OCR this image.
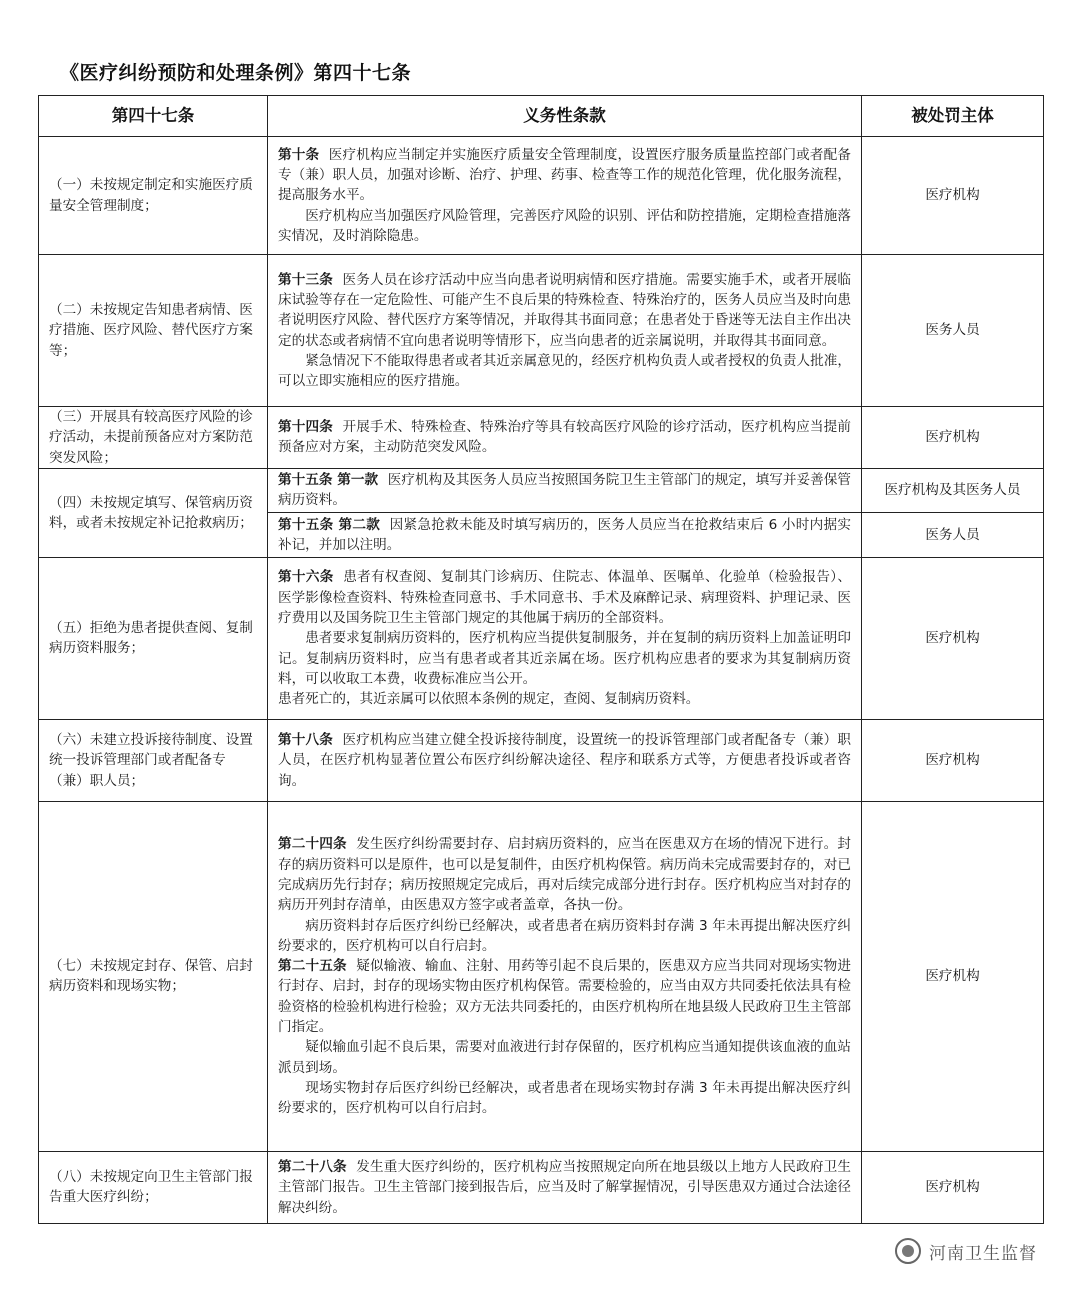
《医疗纠纷预防和处理条例》第四十七条
第四十七条	义务性条款	被处罚主体
（一）未按规定制定和实施医疗质量安全管理制度；	第十条 医疗机构应当制定并实施医疗质量安全管理制度，设置医疗服务质量监控部门或者配备专（兼）职人员，加强对诊断、治疗、护理、药事、检查等工作的规范化管理，优化服务流程，提高服务水平。

医疗机构应当加强医疗风险管理，完善医疗风险的识别、评估和防控措施，定期检查措施落实情况，及时消除隐患。	医疗机构
（二）未按规定告知患者病情、医疗措施、医疗风险、替代医疗方案等；	第十三条 医务人员在诊疗活动中应当向患者说明病情和医疗措施。需要实施手术，或者开展临床试验等存在一定危险性、可能产生不良后果的特殊检查、特殊治疗的，医务人员应当及时向患者说明医疗风险、替代医疗方案等情况，并取得其书面同意；在患者处于昏迷等无法自主作出决定的状态或者病情不宜向患者说明等情形下，应当向患者的近亲属说明，并取得其书面同意。

紧急情况下不能取得患者或者其近亲属意见的，经医疗机构负责人或者授权的负责人批准，可以立即实施相应的医疗措施。	医务人员
（三）开展具有较高医疗风险的诊疗活动，未提前预备应对方案防范突发风险；	第十四条 开展手术、特殊检查、特殊治疗等具有较高医疗风险的诊疗活动，医疗机构应当提前预备应对方案，主动防范突发风险。	医疗机构
（四）未按规定填写、保管病历资料，或者未按规定补记抢救病历；	第十五条 第一款 医疗机构及其医务人员应当按照国务院卫生主管部门的规定，填写并妥善保管病历资料。	医疗机构及其医务人员

	第十五条 第二款 因紧急抢救未能及时填写病历的，医务人员应当在抢救结束后 6 小时内据实补记，并加以注明。	医务人员
（五）拒绝为患者提供查阅、复制病历资料服务；	第十六条 患者有权查阅、复制其门诊病历、住院志、体温单、医嘱单、化验单（检验报告）、医学影像检查资料、特殊检查同意书、手术同意书、手术及麻醉记录、病理资料、护理记录、医疗费用以及国务院卫生主管部门规定的其他属于病历的全部资料。

患者要求复制病历资料的，医疗机构应当提供复制服务，并在复制的病历资料上加盖证明印记。复制病历资料时，应当有患者或者其近亲属在场。医疗机构应患者的要求为其复制病历资料，可以收取工本费，收费标准应当公开。

患者死亡的，其近亲属可以依照本条例的规定，查阅、复制病历资料。	医疗机构
（六）未建立投诉接待制度、设置统一投诉管理部门或者配备专（兼）职人员；	第十八条 医疗机构应当建立健全投诉接待制度，设置统一的投诉管理部门或者配备专（兼）职人员，在医疗机构显著位置公布医疗纠纷解决途径、程序和联系方式等，方便患者投诉或者咨询。	医疗机构
（七）未按规定封存、保管、启封病历资料和现场实物；	第二十四条 发生医疗纠纷需要封存、启封病历资料的，应当在医患双方在场的情况下进行。封存的病历资料可以是原件，也可以是复制件，由医疗机构保管。病历尚未完成需要封存的，对已完成病历先行封存；病历按照规定完成后，再对后续完成部分进行封存。医疗机构应当对封存的病历开列封存清单，由医患双方签字或者盖章，各执一份。

病历资料封存后医疗纠纷已经解决，或者患者在病历资料封存满 3 年未再提出解决医疗纠纷要求的，医疗机构可以自行启封。

第二十五条 疑似输液、输血、注射、用药等引起不良后果的，医患双方应当共同对现场实物进行封存、启封，封存的现场实物由医疗机构保管。需要检验的，应当由双方共同委托依法具有检验资格的检验机构进行检验；双方无法共同委托的，由医疗机构所在地县级人民政府卫生主管部门指定。

疑似输血引起不良后果，需要对血液进行封存保留的，医疗机构应当通知提供该血液的血站派员到场。

现场实物封存后医疗纠纷已经解决，或者患者在现场实物封存满 3 年未再提出解决医疗纠纷要求的，医疗机构可以自行启封。	医疗机构
（八）未按规定向卫生主管部门报告重大医疗纠纷；	第二十八条 发生重大医疗纠纷的，医疗机构应当按照规定向所在地县级以上地方人民政府卫生主管部门报告。卫生主管部门接到报告后，应当及时了解掌握情况，引导医患双方通过合法途径解决纠纷。	医疗机构
河南卫生监督
